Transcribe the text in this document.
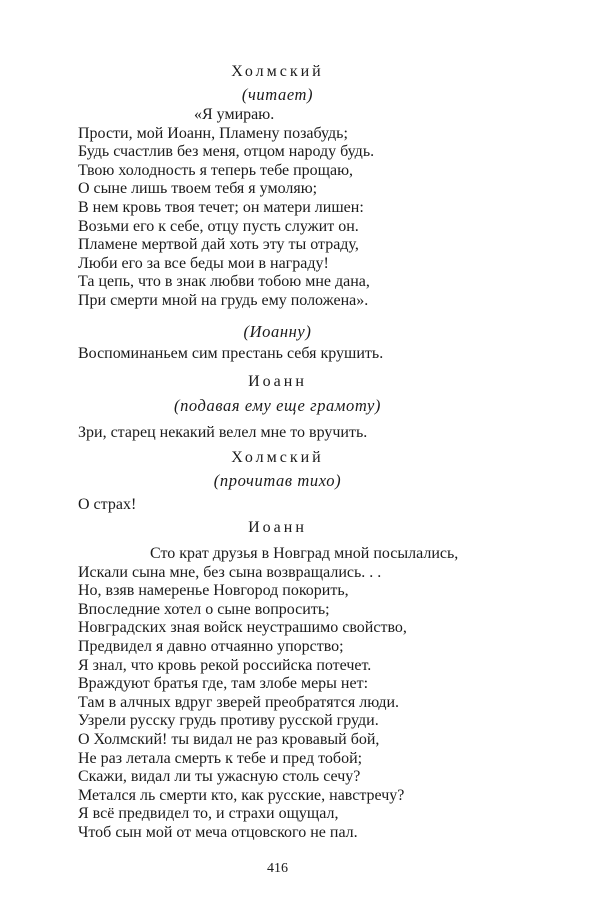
Холмский
(читает)
«Я умираю.
Прости, мой Иоанн, Пламену позабудь;
Будь счастлив без меня, отцом народу будь.
Твою холодность я теперь тебе прощаю,
О сыне лишь твоем тебя я умоляю;
В нем кровь твоя течет; он матери лишен:
Возьми его к себе, отцу пусть служит он.
Пламене мертвой дай хоть эту ты отраду,
Люби его за все беды мои в награду!
Та цепь, что в знак любви тобою мне дана,
При смерти мной на грудь ему положена».
(Иоанну)
Воспоминаньем сим престань себя крушить.
Иоанн
(подавая ему еще грамоту)
Зри, старец некакий велел мне то вручить.
Холмский
(прочитав тихо)
О страх!
Иоанн
Сто крат друзья в Новград мной посылались,
Искали сына мне, без сына возвращались. . .
Но, взяв намеренье Новгород покорить,
Впоследние хотел о сыне вопросить;
Новградских зная войск неустрашимо свойство,
Предвидел я давно отчаянно упорство;
Я знал, что кровь рекой российска потечет.
Враждуют братья где, там злобе меры нет:
Там в алчных вдруг зверей преобратятся люди.
Узрели русску грудь противу русской груди.
О Холмский! ты видал не раз кровавый бой,
Не раз летала смерть к тебе и пред тобой;
Скажи, видал ли ты ужасную столь сечу?
Метался ль смерти кто, как русские, навстречу?
Я всё предвидел то, и страхи ощущал,
Чтоб сын мой от меча отцовского не пал.
416
